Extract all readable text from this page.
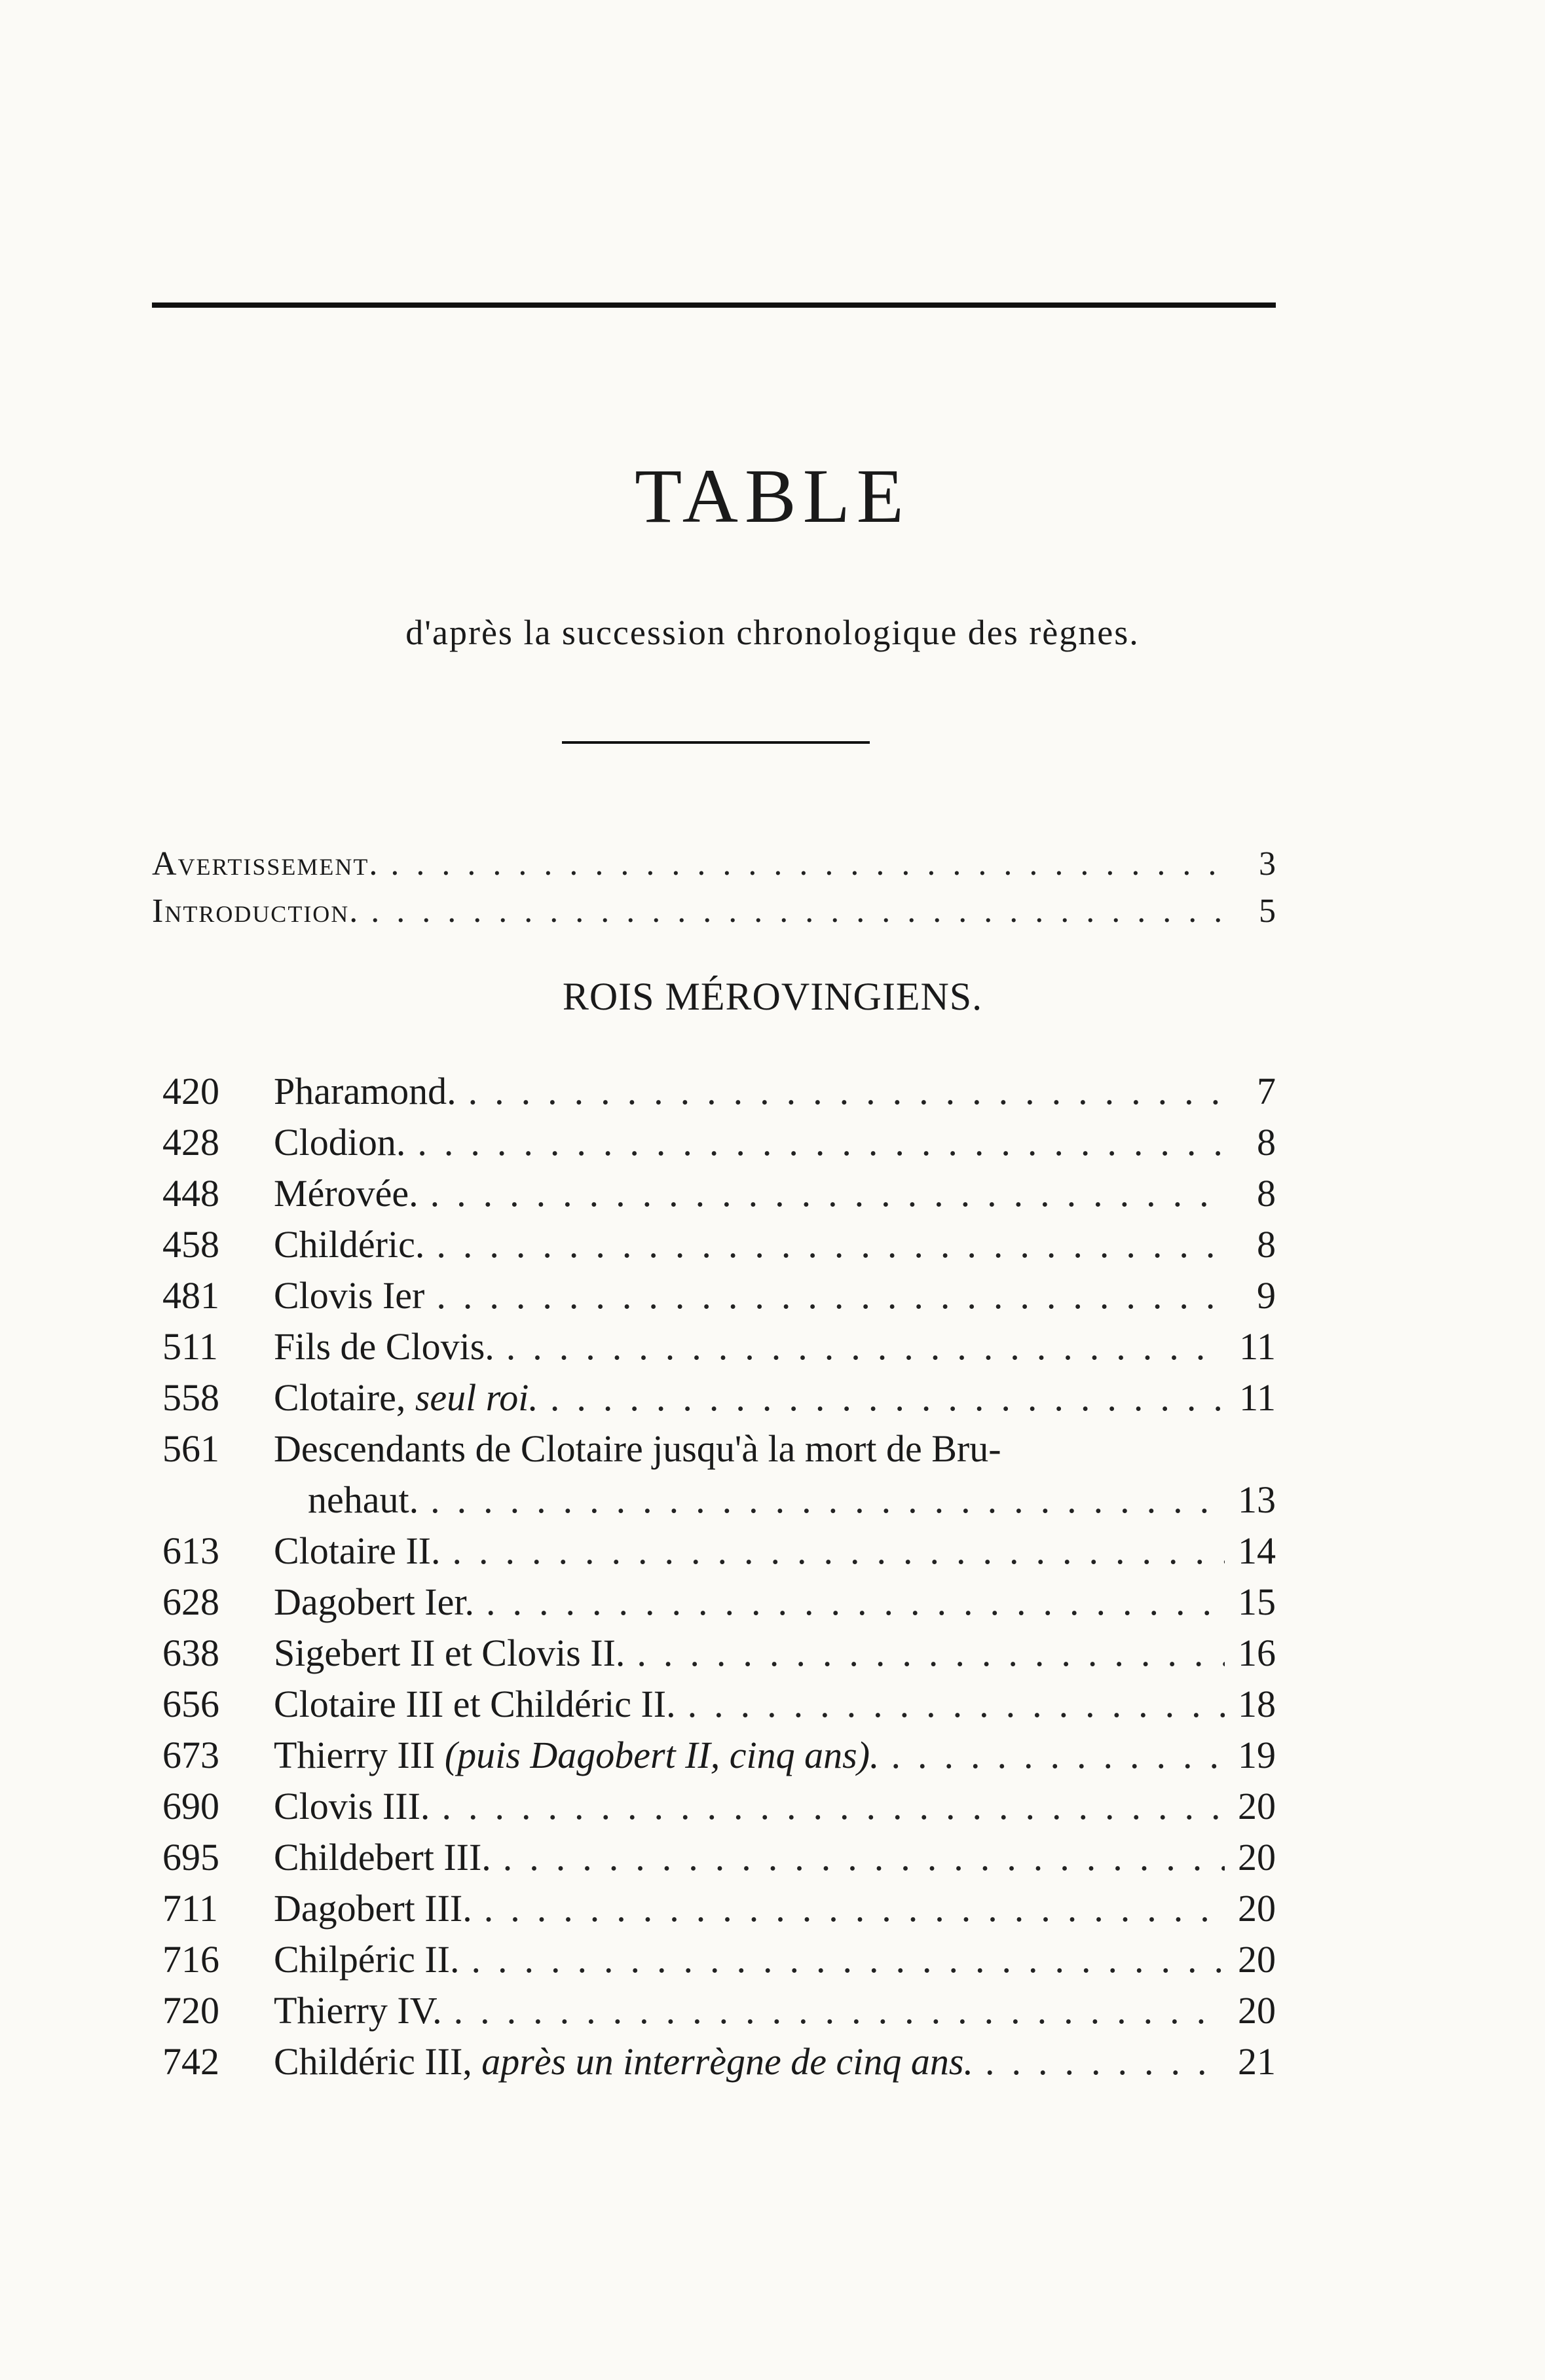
TABLE
d'après la succession chronologique des règnes.
Avertissement. .....	3
Introduction. .....	5
ROIS MÉROVINGIENS.
420	Pharamond. .....	7
428	Clodion. .....	8
448	Mérovée. .....	8
458	Childéric. .....	8
481	Clovis Ier .....	9
511	Fils de Clovis. .....	11
558	Clotaire, seul roi. .....	11
561	Descendants de Clotaire jusqu'à la mort de Bru-
nehaut. .....	13
613	Clotaire II. .....	14
628	Dagobert Ier. .....	15
638	Sigebert II et Clovis II. .....	16
656	Clotaire III et Childéric II. .....	18
673	Thierry III (puis Dagobert II, cinq ans). .....	19
690	Clovis III. .....	20
695	Childebert III. .....	20
711	Dagobert III. .....	20
716	Chilpéric II. .....	20
720	Thierry IV. .....	20
742	Childéric III, après un interrègne de cinq ans. .....	21
